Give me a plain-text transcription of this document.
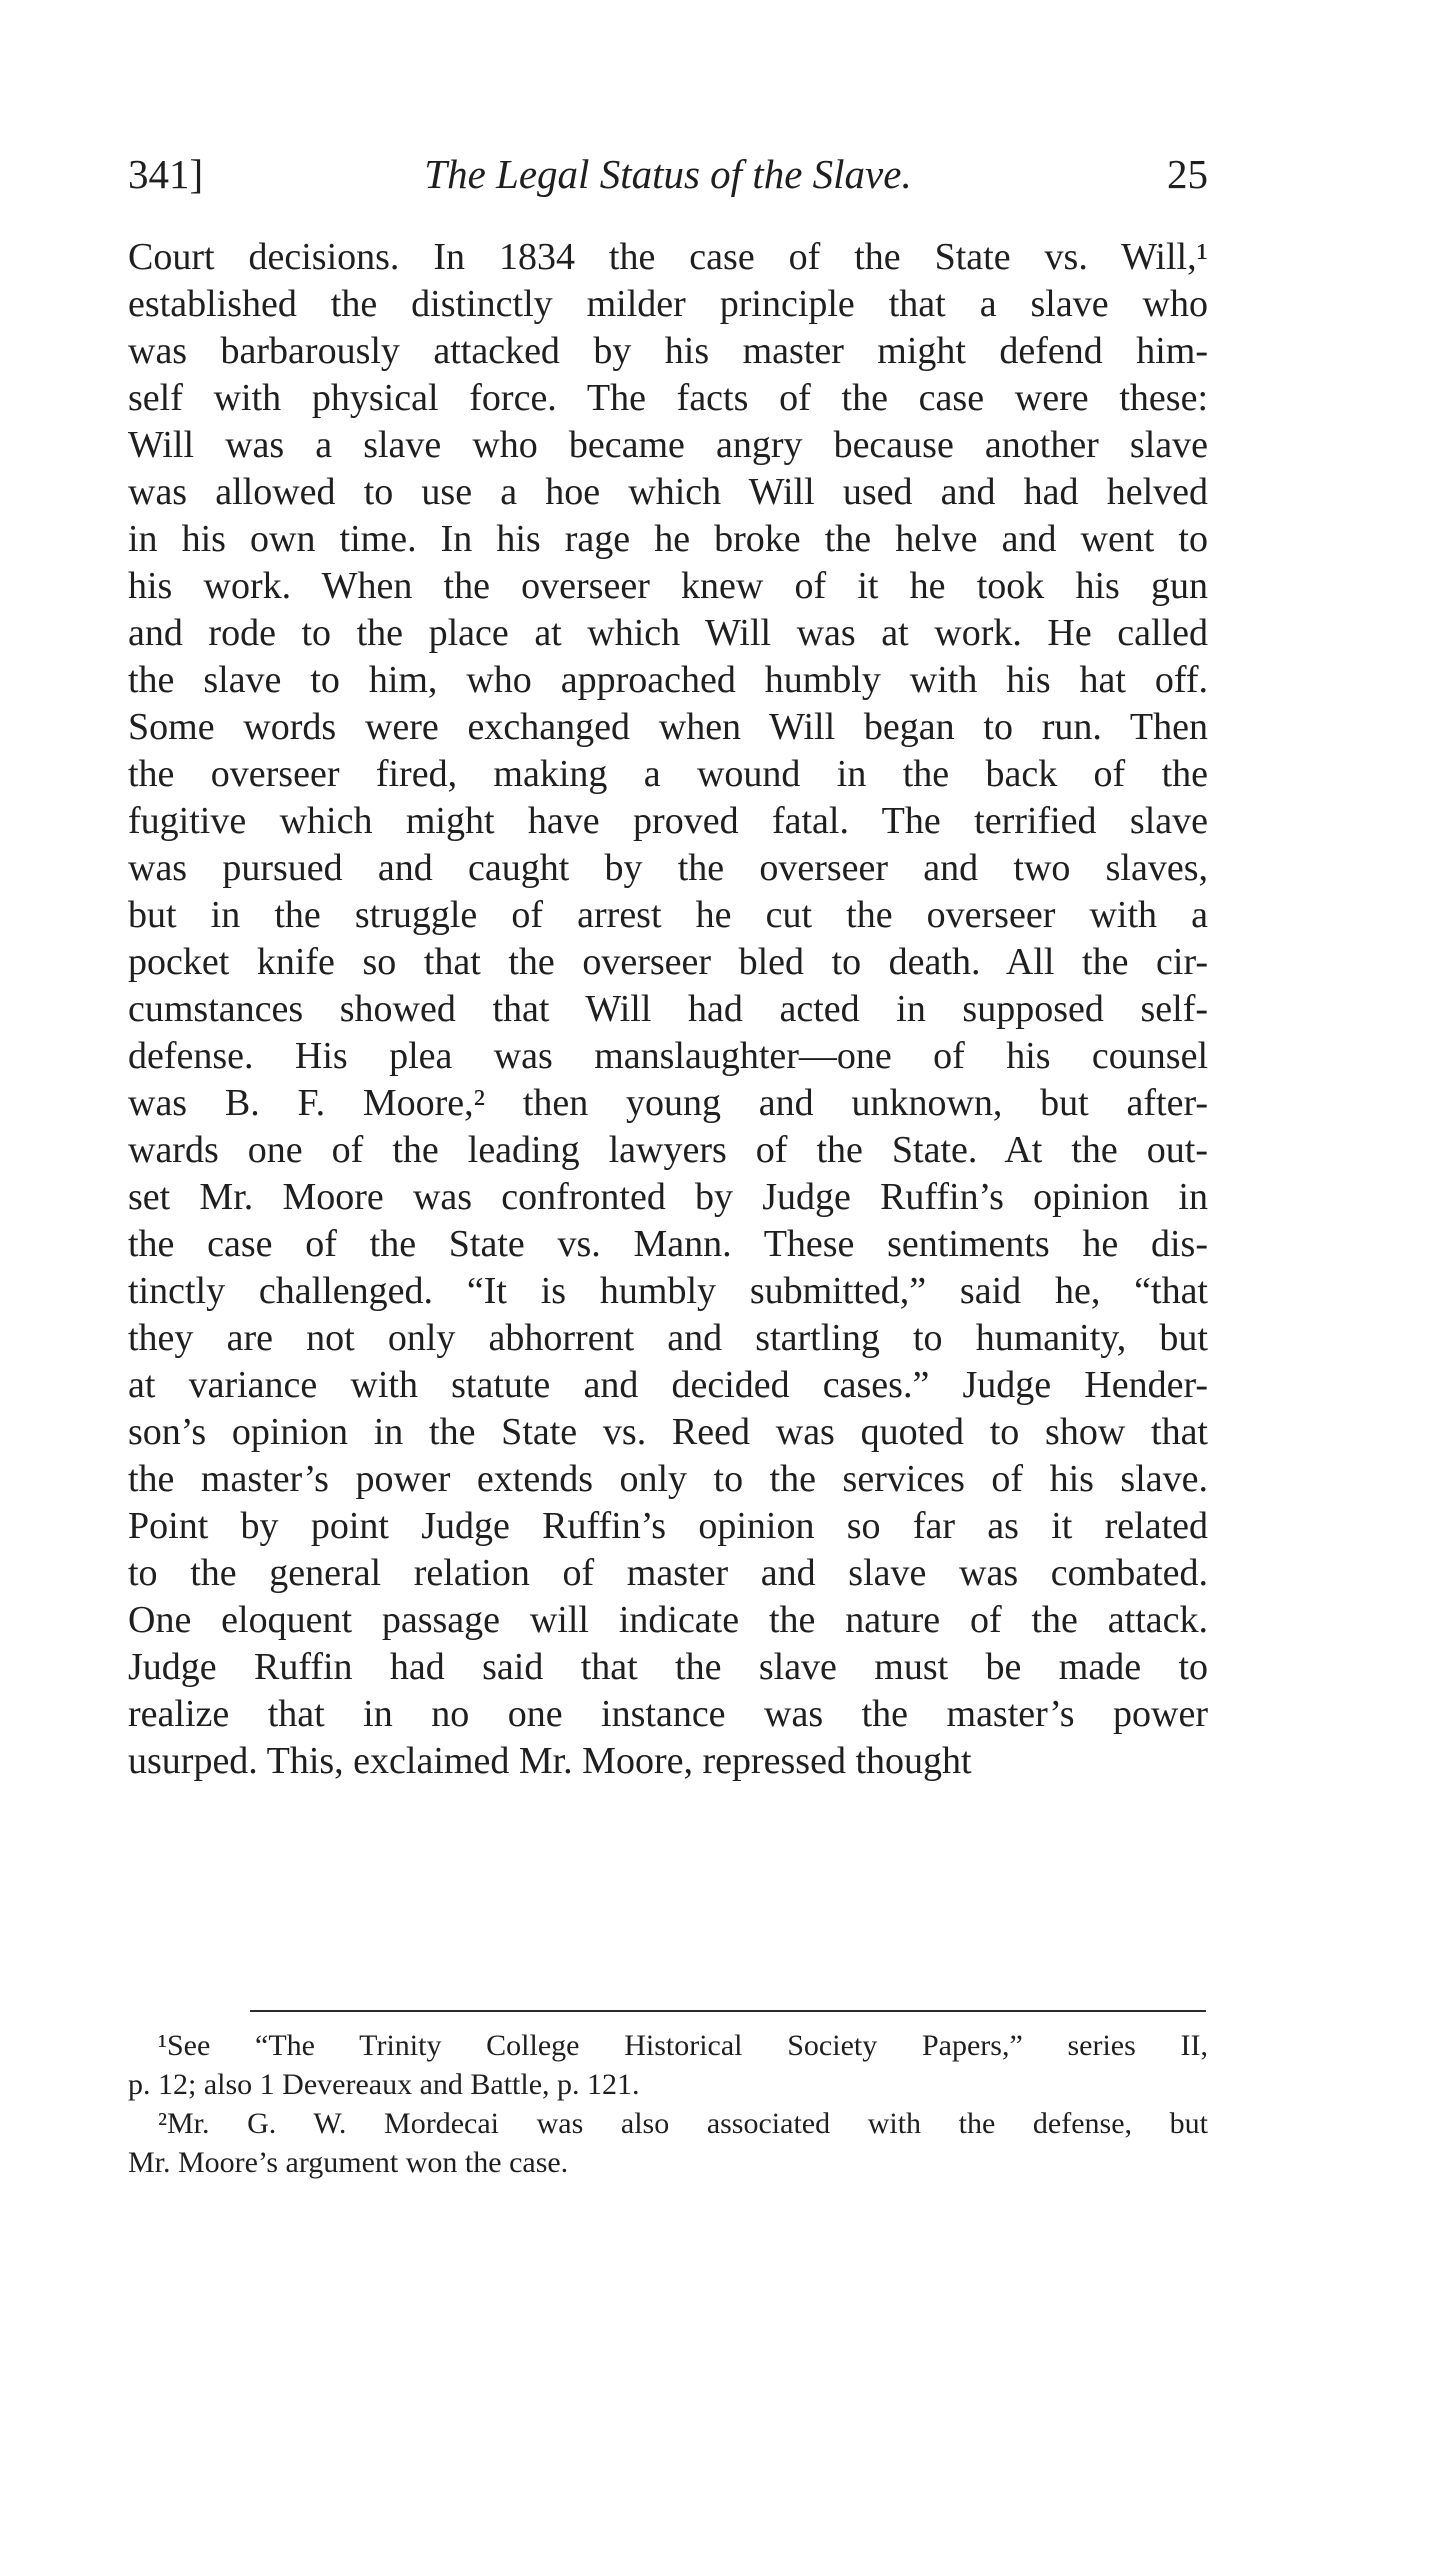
341]	The Legal Status of the Slave.	25
Court decisions. In 1834 the case of the State vs. Will,¹
established the distinctly milder principle that a slave who
was barbarously attacked by his master might defend him-
self with physical force. The facts of the case were these:
Will was a slave who became angry because another slave
was allowed to use a hoe which Will used and had helved
in his own time. In his rage he broke the helve and went to
his work. When the overseer knew of it he took his gun
and rode to the place at which Will was at work. He called
the slave to him, who approached humbly with his hat off.
Some words were exchanged when Will began to run. Then
the overseer fired, making a wound in the back of the
fugitive which might have proved fatal. The terrified slave
was pursued and caught by the overseer and two slaves,
but in the struggle of arrest he cut the overseer with a
pocket knife so that the overseer bled to death. All the cir-
cumstances showed that Will had acted in supposed self-
defense. His plea was manslaughter—one of his counsel
was B. F. Moore,² then young and unknown, but after-
wards one of the leading lawyers of the State. At the out-
set Mr. Moore was confronted by Judge Ruffin’s opinion in
the case of the State vs. Mann. These sentiments he dis-
tinctly challenged. “It is humbly submitted,” said he, “that
they are not only abhorrent and startling to humanity, but
at variance with statute and decided cases.” Judge Hender-
son’s opinion in the State vs. Reed was quoted to show that
the master’s power extends only to the services of his slave.
Point by point Judge Ruffin’s opinion so far as it related
to the general relation of master and slave was combated.
One eloquent passage will indicate the nature of the attack.
Judge Ruffin had said that the slave must be made to
realize that in no one instance was the master’s power
usurped. This, exclaimed Mr. Moore, repressed thought
¹See “The Trinity College Historical Society Papers,” series II,
p. 12; also 1 Devereaux and Battle, p. 121.
²Mr. G. W. Mordecai was also associated with the defense, but
Mr. Moore’s argument won the case.
